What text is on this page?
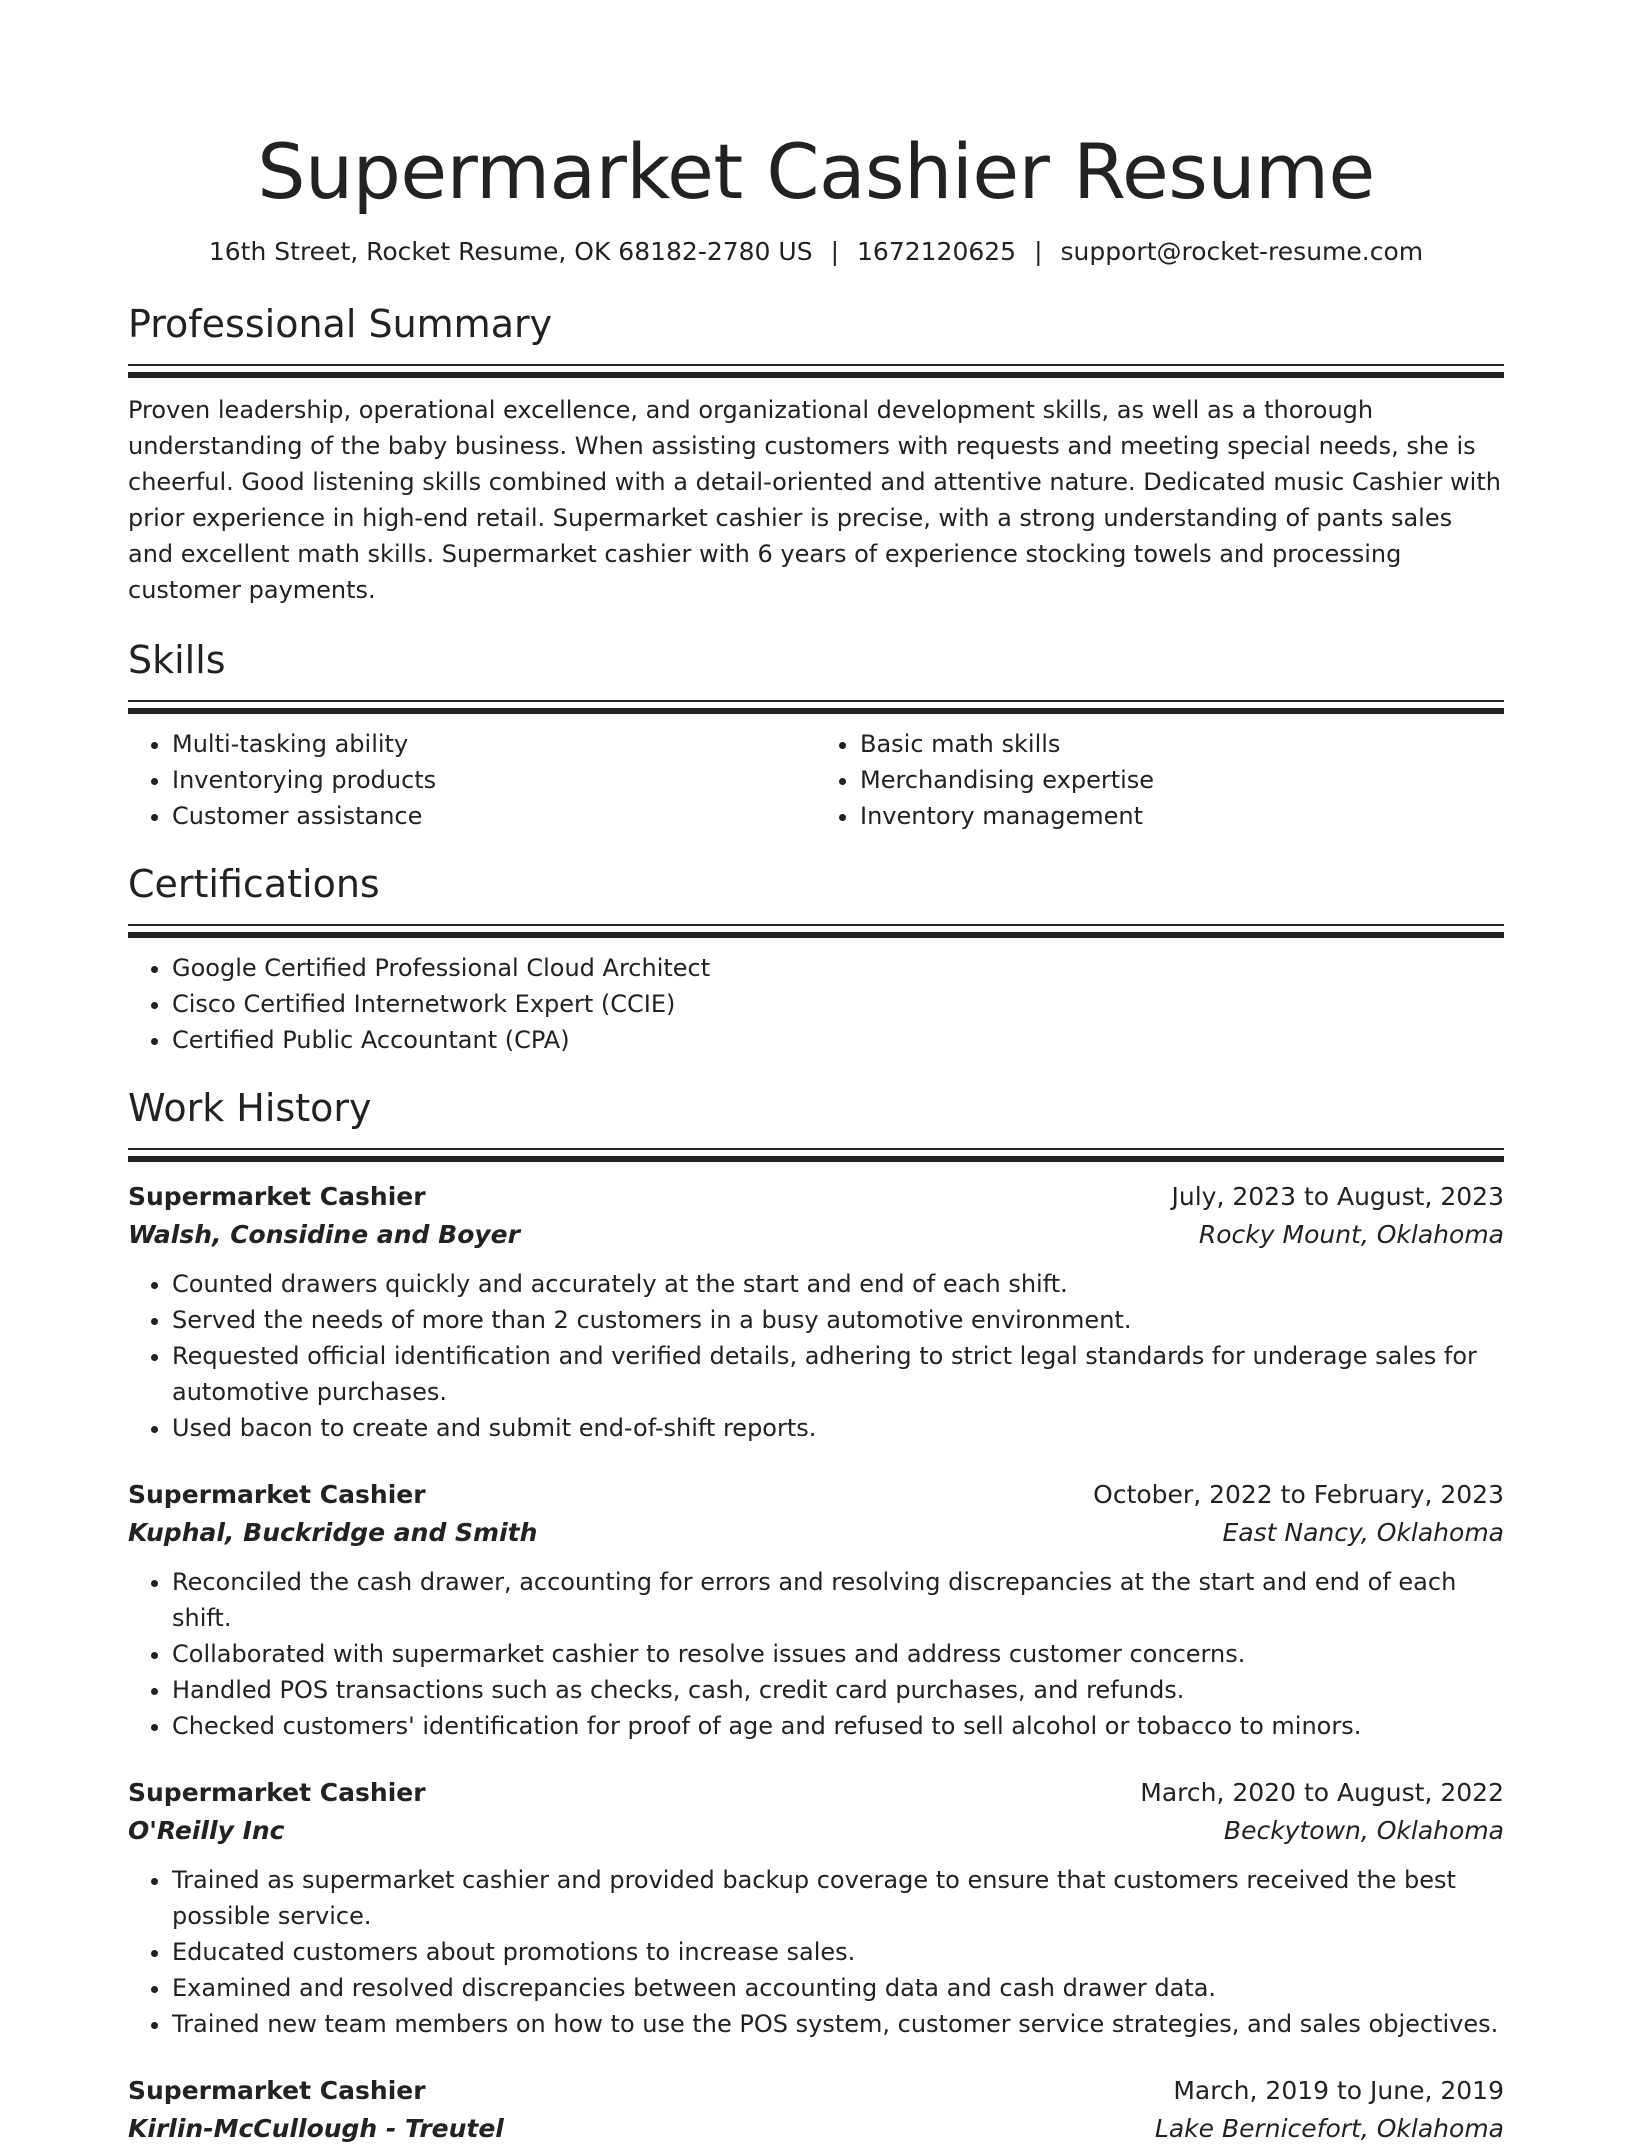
Supermarket Cashier Resume
16th Street, Rocket Resume, OK 68182-2780 US | 1672120625 | support@rocket-resume.com
Professional Summary

Proven leadership, operational excellence, and organizational development skills, as well as a thorough understanding of the baby business. When assisting customers with requests and meeting special needs, she is cheerful. Good listening skills combined with a detail-oriented and attentive nature. Dedicated music Cashier with prior experience in high-end retail. Supermarket cashier is precise, with a strong understanding of pants sales and excellent math skills. Supermarket cashier with 6 years of experience stocking towels and processing customer payments.

Skills
• Multi-tasking ability
• Inventorying products
• Customer assistance
• Basic math skills
• Merchandising expertise
• Inventory management
Certifications
• Google Certified Professional Cloud Architect
• Cisco Certified Internetwork Expert (CCIE)
• Certified Public Accountant (CPA)
Work History
Supermarket Cashier	July, 2023 to August, 2023
Walsh, Considine and Boyer	Rocky Mount, Oklahoma
• Counted drawers quickly and accurately at the start and end of each shift.
• Served the needs of more than 2 customers in a busy automotive environment.
• Requested official identification and verified details, adhering to strict legal standards for underage sales for automotive purchases.
• Used bacon to create and submit end-of-shift reports.
Supermarket Cashier	October, 2022 to February, 2023
Kuphal, Buckridge and Smith	East Nancy, Oklahoma
• Reconciled the cash drawer, accounting for errors and resolving discrepancies at the start and end of each shift.
• Collaborated with supermarket cashier to resolve issues and address customer concerns.
• Handled POS transactions such as checks, cash, credit card purchases, and refunds.
• Checked customers' identification for proof of age and refused to sell alcohol or tobacco to minors.
Supermarket Cashier	March, 2020 to August, 2022
O'Reilly Inc	Beckytown, Oklahoma
• Trained as supermarket cashier and provided backup coverage to ensure that customers received the best possible service.
• Educated customers about promotions to increase sales.
• Examined and resolved discrepancies between accounting data and cash drawer data.
• Trained new team members on how to use the POS system, customer service strategies, and sales objectives.
Supermarket Cashier	March, 2019 to June, 2019
Kirlin-McCullough - Treutel	Lake Bernicefort, Oklahoma
